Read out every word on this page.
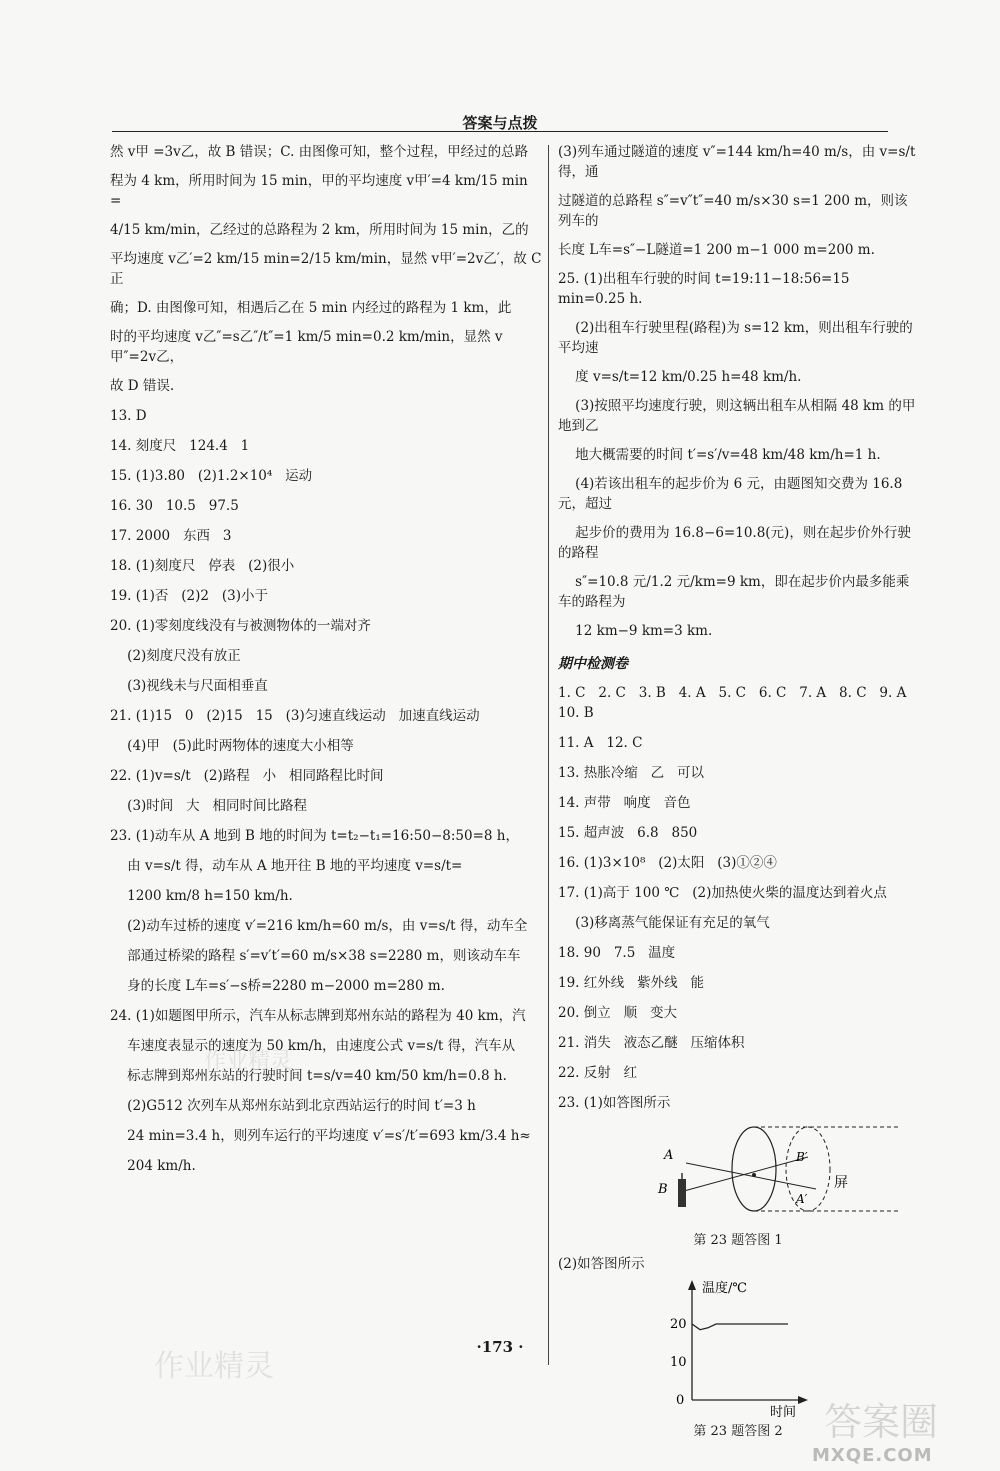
答案与点拨

然 v甲 =3v乙，故 B 错误；C. 由图像可知，整个过程，甲经过的总路

程为 4 km，所用时间为 15 min，甲的平均速度 v甲′=4 km/15 min =

4/15 km/min，乙经过的总路程为 2 km，所用时间为 15 min，乙的

平均速度 v乙′=2 km/15 min=2/15 km/min，显然 v甲′=2v乙′，故 C 正

确；D. 由图像可知，相遇后乙在 5 min 内经过的路程为 1 km，此

时的平均速度 v乙″=s乙″/t″=1 km/5 min=0.2 km/min，显然 v甲″=2v乙，

故 D 错误.

13. D

14. 刻度尺   124.4   1

15. (1)3.80   (2)1.2×10⁴   运动

16. 30   10.5   97.5

17. 2000   东西   3

18. (1)刻度尺   停表   (2)很小

19. (1)否   (2)2   (3)小于

20. (1)零刻度线没有与被测物体的一端对齐

(2)刻度尺没有放正

(3)视线未与尺面相垂直

21. (1)15   0   (2)15   15   (3)匀速直线运动   加速直线运动

(4)甲   (5)此时两物体的速度大小相等

22. (1)v=s/t   (2)路程   小   相同路程比时间

(3)时间   大   相同时间比路程

23. (1)动车从 A 地到 B 地的时间为 t=t₂−t₁=16:50−8:50=8 h，

由 v=s/t 得，动车从 A 地开往 B 地的平均速度 v=s/t=

1200 km/8 h=150 km/h.

(2)动车过桥的速度 v′=216 km/h=60 m/s，由 v=s/t 得，动车全

部通过桥梁的路程 s′=v′t′=60 m/s×38 s=2280 m，则该动车车

身的长度 L车=s′−s桥=2280 m−2000 m=280 m.

24. (1)如题图甲所示，汽车从标志牌到郑州东站的路程为 40 km，汽

车速度表显示的速度为 50 km/h，由速度公式 v=s/t 得，汽车从

标志牌到郑州东站的行驶时间 t=s/v=40 km/50 km/h=0.8 h.

(2)G512 次列车从郑州东站到北京西站运行的时间 t′=3 h

24 min=3.4 h，则列车运行的平均速度 v′=s′/t′=693 km/3.4 h≈

204 km/h.

(3)列车通过隧道的速度 v″=144 km/h=40 m/s，由 v=s/t 得，通

过隧道的总路程 s″=v″t″=40 m/s×30 s=1 200 m，则该列车的

长度 L车=s″−L隧道=1 200 m−1 000 m=200 m.

25. (1)出租车行驶的时间 t=19:11−18:56=15 min=0.25 h.

(2)出租车行驶里程(路程)为 s=12 km，则出租车行驶的平均速

度 v=s/t=12 km/0.25 h=48 km/h.

(3)按照平均速度行驶，则这辆出租车从相隔 48 km 的甲地到乙

地大概需要的时间 t′=s′/v=48 km/48 km/h=1 h.

(4)若该出租车的起步价为 6 元，由题图知交费为 16.8 元，超过

起步价的费用为 16.8−6=10.8(元)，则在起步价外行驶的路程

s″=10.8 元/1.2 元/km=9 km，即在起步价内最多能乘车的路程为

12 km−9 km=3 km.

期中检测卷

1. C   2. C   3. B   4. A   5. C   6. C   7. A   8. C   9. A   10. B

11. A   12. C

13. 热胀冷缩   乙   可以

14. 声带   响度   音色

15. 超声波   6.8   850

16. (1)3×10⁸   (2)太阳   (3)①②④

17. (1)高于 100 ℃   (2)加热使火柴的温度达到着火点

(3)移离蒸气能保证有充足的氧气

18. 90   7.5   温度

19. 红外线   紫外线   能

20. 倒立   顺   变大

21. 消失   液态乙醚   压缩体积

22. 反射   红

23. (1)如答图所示

A
B
B′
A′
屏
第 23 题答图 1

(2)如答图所示

温度/℃
时间
20
10
0
第 23 题答图 2
·173 ·
作业精灵
作业精灵
答案圈
MXQE.COM
